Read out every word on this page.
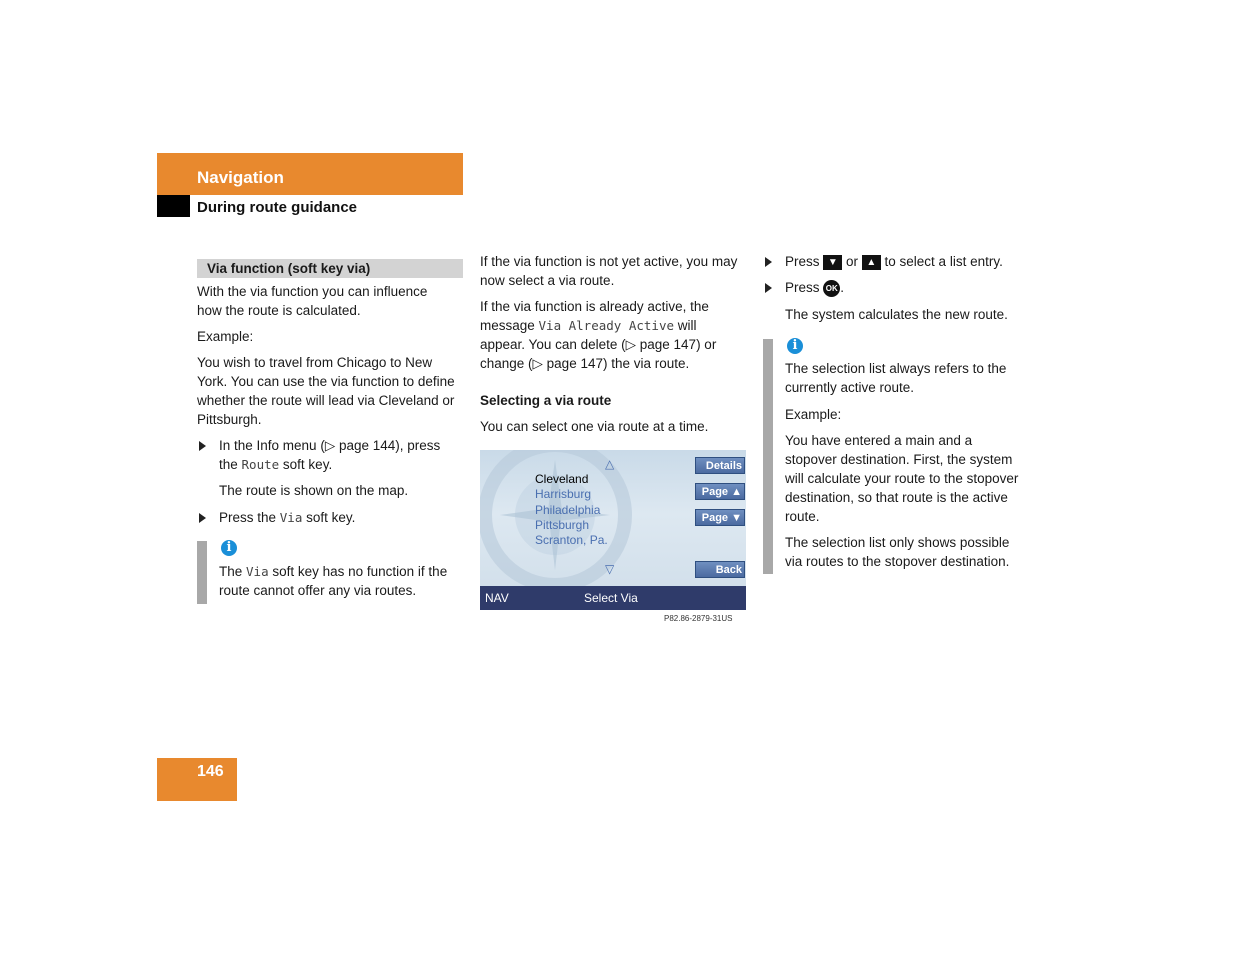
Navigation
During route guidance
Via function (soft key via)
With the via function you can influence
how the route is calculated.
Example:
You wish to travel from Chicago to New
York. You can use the via function to define
whether the route will lead via Cleveland or
Pittsburgh.
In the Info menu (▷ page 144), press
the Route soft key.
The route is shown on the map.
Press the Via soft key.
i
The Via soft key has no function if the
route cannot offer any via routes.
If the via function is not yet active, you may
now select a via route.
If the via function is already active, the
message Via Already Active will
appear. You can delete (▷ page 147) or
change (▷ page 147) the via route.
Selecting a via route
You can select one via route at a time.
△
Cleveland
Harrisburg
Philadelphia
Pittsburgh
Scranton, Pa.
▽
Details
Page ▲
Page ▼
Back
NAV	Select Via
P82.86-2879-31US
Press ▼ or ▲ to select a list entry.
Press OK .
The system calculates the new route.
i
The selection list always refers to the
currently active route.
Example:
You have entered a main and a
stopover destination. First, the system
will calculate your route to the stopover
destination, so that route is the active
route.
The selection list only shows possible
via routes to the stopover destination.
146
